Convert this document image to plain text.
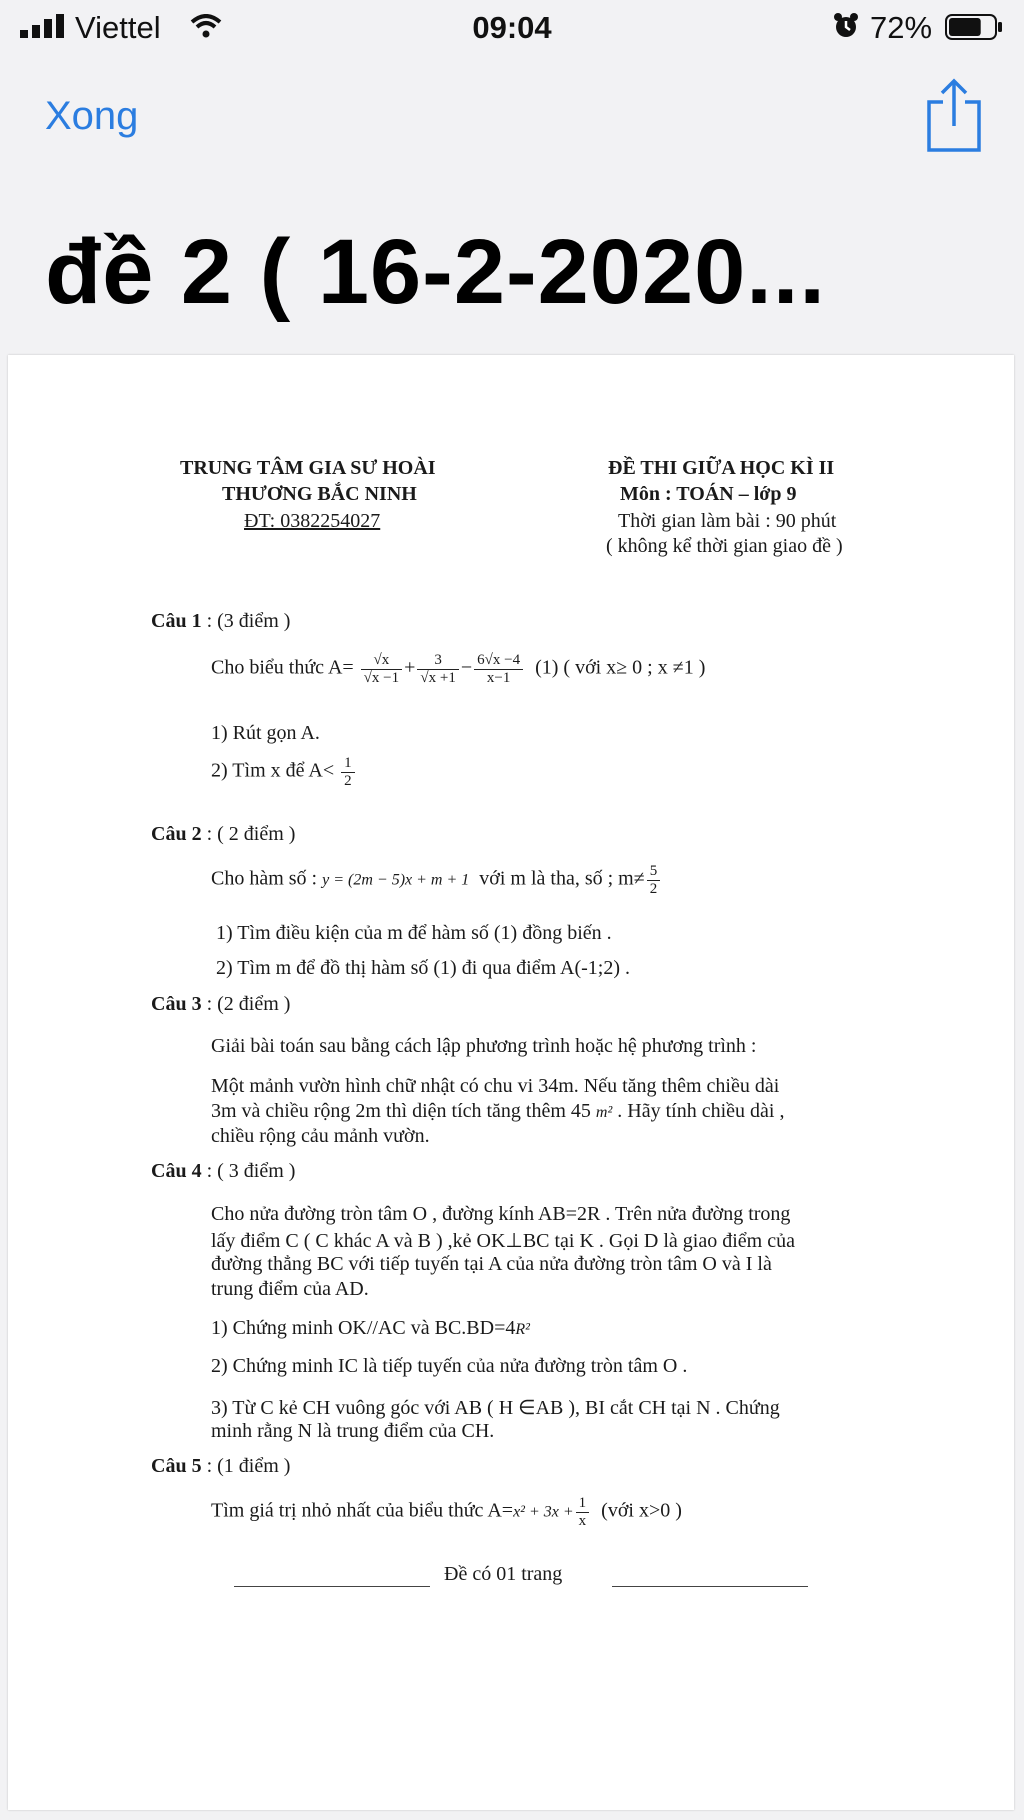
Viettel	09:04	72%
Xong
đề 2 ( 16-2-2020...
TRUNG TÂM GIA SƯ HOÀI
THƯƠNG BẮC NINH
ĐT: 0382254027
ĐỀ THI GIỮA HỌC KÌ II
Môn : TOÁN – lớp 9
Thời gian làm bài : 90 phút
( không kể thời gian giao đề )
Câu 1 : (3 điểm )
Cho biểu thức $A= \frac{√x}{√x -1} + \frac{3}{√x +1} - \frac{6√x -4}{x-1} (1)$ ( với x≥ 0 ; x ≠1 )
1) Rút gọn A.
2) Tìm x để $A< \frac{1}{2}$
Câu 2 : ( 2 điểm )
Cho hàm số : y = (2m − 5)x + m + 1 với m là tha, số ; $m\ne \frac{5}{2}$
1) Tìm điều kiện của m để hàm số (1) đồng biến .
2) Tìm m để đồ thị hàm số (1) đi qua điểm A(-1;2) .
Câu 3 : (2 điểm )
Giải bài toán sau bằng cách lập phương trình hoặc hệ phương trình :
Một mảnh vườn hình chữ nhật có chu vi 34m. Nếu tăng thêm chiều dài
3m và chiều rộng 2m thì diện tích tăng thêm 45 m² . Hãy tính chiều dài ,
chiều rộng cảu mảnh vườn.
Câu 4 : ( 3 điểm )
Cho nửa đường tròn tâm O , đường kính AB=2R . Trên nửa đường trong
lấy điểm C ( C khác A và B ) ,kẻ OK⊥BC tại K . Gọi D là giao điểm của
đường thẳng BC với tiếp tuyến tại A của nửa đường tròn tâm O và I là
trung điểm của AD.
1) Chứng minh OK//AC và BC.BD=4R²
2) Chứng minh IC là tiếp tuyến của nửa đường tròn tâm O .
3) Từ C kẻ CH vuông góc với AB ( H ∈AB ), BI cắt CH tại N . Chứng
minh rằng N là trung điểm của CH.
Câu 5 : (1 điểm )
Tìm giá trị nhỏ nhất của biểu thức $A=x^2 + 3x + \frac{1}{x}$ (với x>0 )
Đề có 01 trang
